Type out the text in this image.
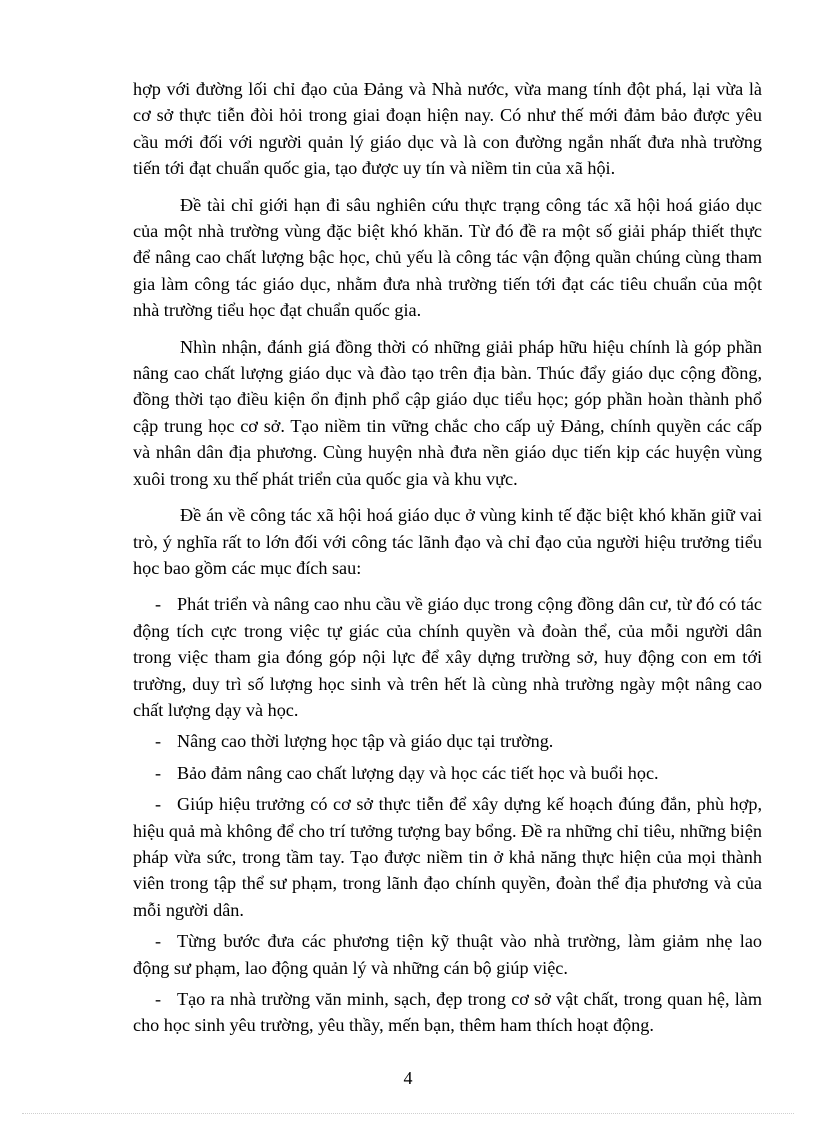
hợp với đường lối chỉ đạo của Đảng và Nhà nước, vừa mang tính đột phá, lại vừa là cơ sở thực tiễn đòi hỏi trong giai đoạn hiện nay. Có như thế mới đảm bảo được yêu cầu mới đối với người quản lý giáo dục và là con đường ngắn nhất đưa nhà trường tiến tới đạt chuẩn quốc gia, tạo được uy tín và niềm tin của xã hội.

Đề tài chỉ giới hạn đi sâu nghiên cứu thực trạng công tác xã hội hoá giáo dục của một nhà trường vùng đặc biệt khó khăn. Từ đó đề ra một số giải pháp thiết thực để nâng cao chất lượng bậc học, chủ yếu là công tác vận động quần chúng cùng tham gia làm công tác giáo dục, nhằm đưa nhà trường tiến tới đạt các tiêu chuẩn của một nhà trường tiểu học đạt chuẩn quốc gia.

Nhìn nhận, đánh giá đồng thời có những giải pháp hữu hiệu chính là góp phần nâng cao chất lượng giáo dục và đào tạo trên địa bàn. Thúc đẩy giáo dục cộng đồng, đồng thời tạo điều kiện ổn định phổ cập giáo dục tiểu học; góp phần hoàn thành phổ cập trung học cơ sở. Tạo niềm tin vững chắc cho cấp uỷ Đảng, chính quyền các cấp và nhân dân địa phương. Cùng huyện nhà đưa nền giáo dục tiến kịp các huyện vùng xuôi trong xu thế phát triển của quốc gia và khu vực.

Đề án về công tác xã hội hoá giáo dục ở vùng kinh tế đặc biệt khó khăn giữ vai trò, ý nghĩa rất to lớn đối với công tác lãnh đạo và chỉ đạo của người hiệu trưởng tiểu học bao gồm các mục đích sau:

- Phát triển và nâng cao nhu cầu về giáo dục trong cộng đồng dân cư, từ đó có tác động tích cực trong việc tự giác của chính quyền và đoàn thể, của mỗi người dân trong việc tham gia đóng góp nội lực để xây dựng trường sở, huy động con em tới trường, duy trì số lượng học sinh và trên hết là cùng nhà trường ngày một nâng cao chất lượng dạy và học.

- Nâng cao thời lượng học tập và giáo dục tại trường.

- Bảo đảm nâng cao chất lượng dạy và học các tiết học và buổi học.

- Giúp hiệu trưởng có cơ sở thực tiễn để xây dựng kế hoạch đúng đắn, phù hợp, hiệu quả mà không để cho trí tưởng tượng bay bổng. Đề ra những chỉ tiêu, những biện pháp vừa sức, trong tầm tay. Tạo được niềm tin ở khả năng thực hiện của mọi thành viên trong tập thể sư phạm, trong lãnh đạo chính quyền, đoàn thể địa phương và của mỗi người dân.

- Từng bước đưa các phương tiện kỹ thuật vào nhà trường, làm giảm nhẹ lao động sư phạm, lao động quản lý và những cán bộ giúp việc.

- Tạo ra nhà trường văn minh, sạch, đẹp trong cơ sở vật chất, trong quan hệ, làm cho học sinh yêu trường, yêu thầy, mến bạn, thêm ham thích hoạt động.

4
